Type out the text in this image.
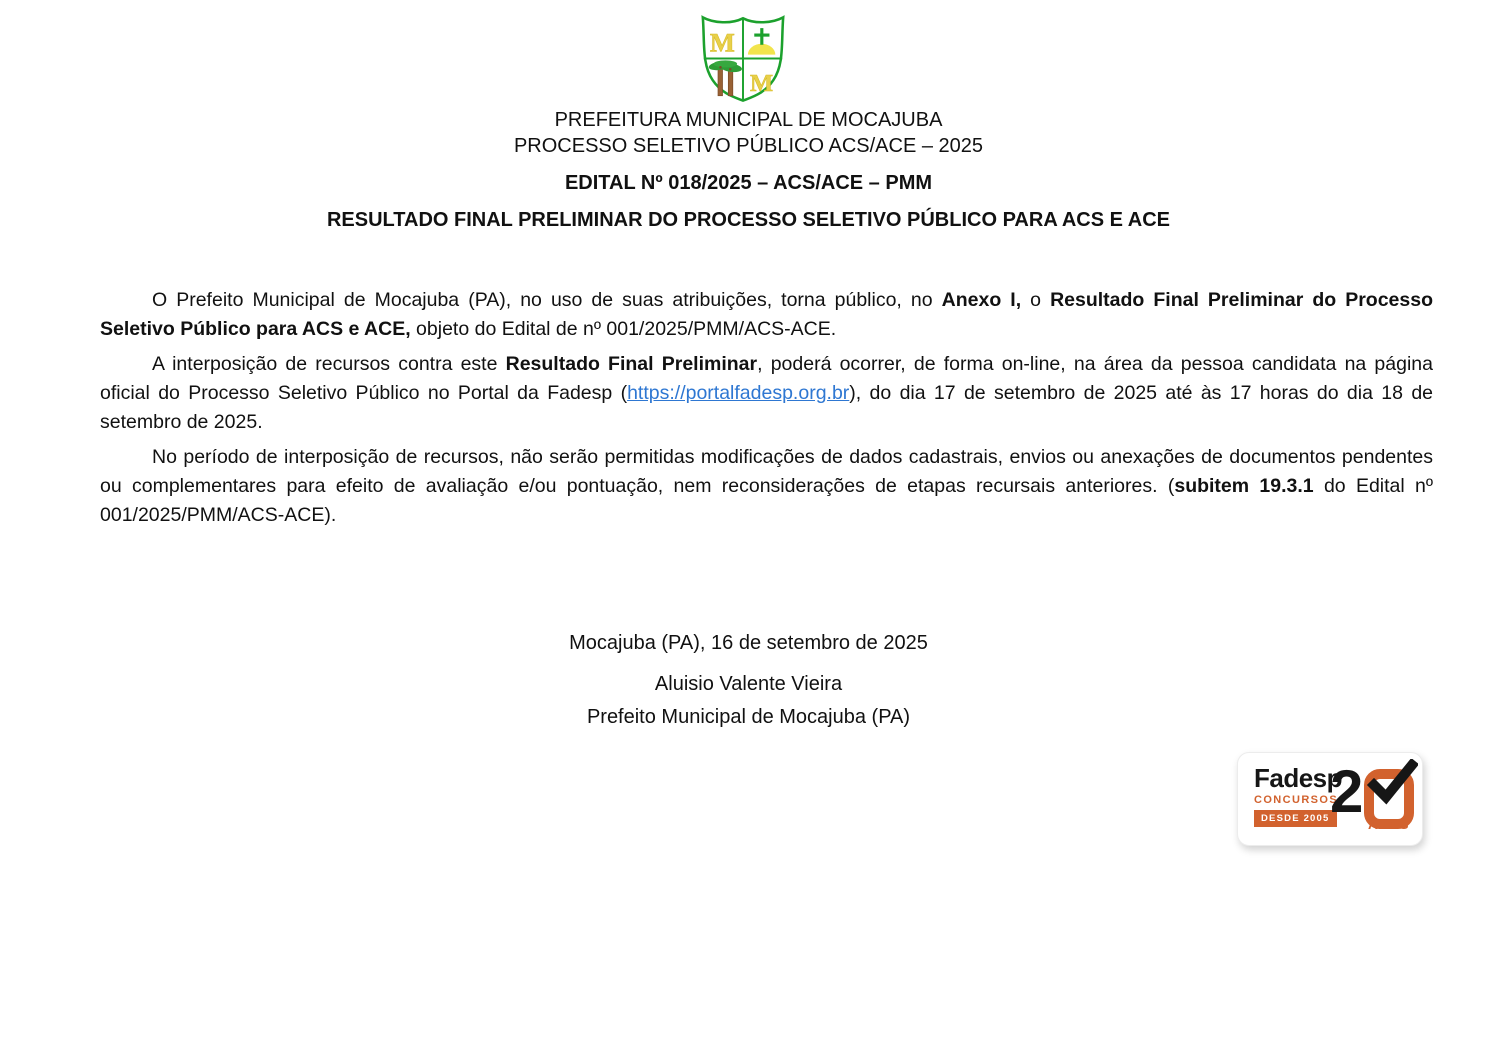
M
M
PREFEITURA MUNICIPAL DE MOCAJUBA
PROCESSO SELETIVO PÚBLICO ACS/ACE – 2025
EDITAL Nº 018/2025 – ACS/ACE – PMM
RESULTADO FINAL PRELIMINAR DO PROCESSO SELETIVO PÚBLICO PARA ACS E ACE

O Prefeito Municipal de Mocajuba (PA), no uso de suas atribuições, torna público, no Anexo I, o Resultado Final Preliminar do Processo Seletivo Público para ACS e ACE, objeto do Edital de nº 001/2025/PMM/ACS-ACE.

A interposição de recursos contra este Resultado Final Preliminar, poderá ocorrer, de forma on-line, na área da pessoa candidata na página oficial do Processo Seletivo Público no Portal da Fadesp (https://portalfadesp.org.br), do dia 17 de setembro de 2025 até às 17 horas do dia 18 de setembro de 2025.

No período de interposição de recursos, não serão permitidas modificações de dados cadastrais, envios ou anexações de documentos pendentes ou complementares para efeito de avaliação e/ou pontuação, nem reconsiderações de etapas recursais anteriores. (subitem 19.3.1 do Edital nº 001/2025/PMM/ACS-ACE).

Mocajuba (PA), 16 de setembro de 2025
Aluisio Valente Vieira
Prefeito Municipal de Mocajuba (PA)
Fadesp
CONCURSOS
DESDE 2005 2 ANOS
